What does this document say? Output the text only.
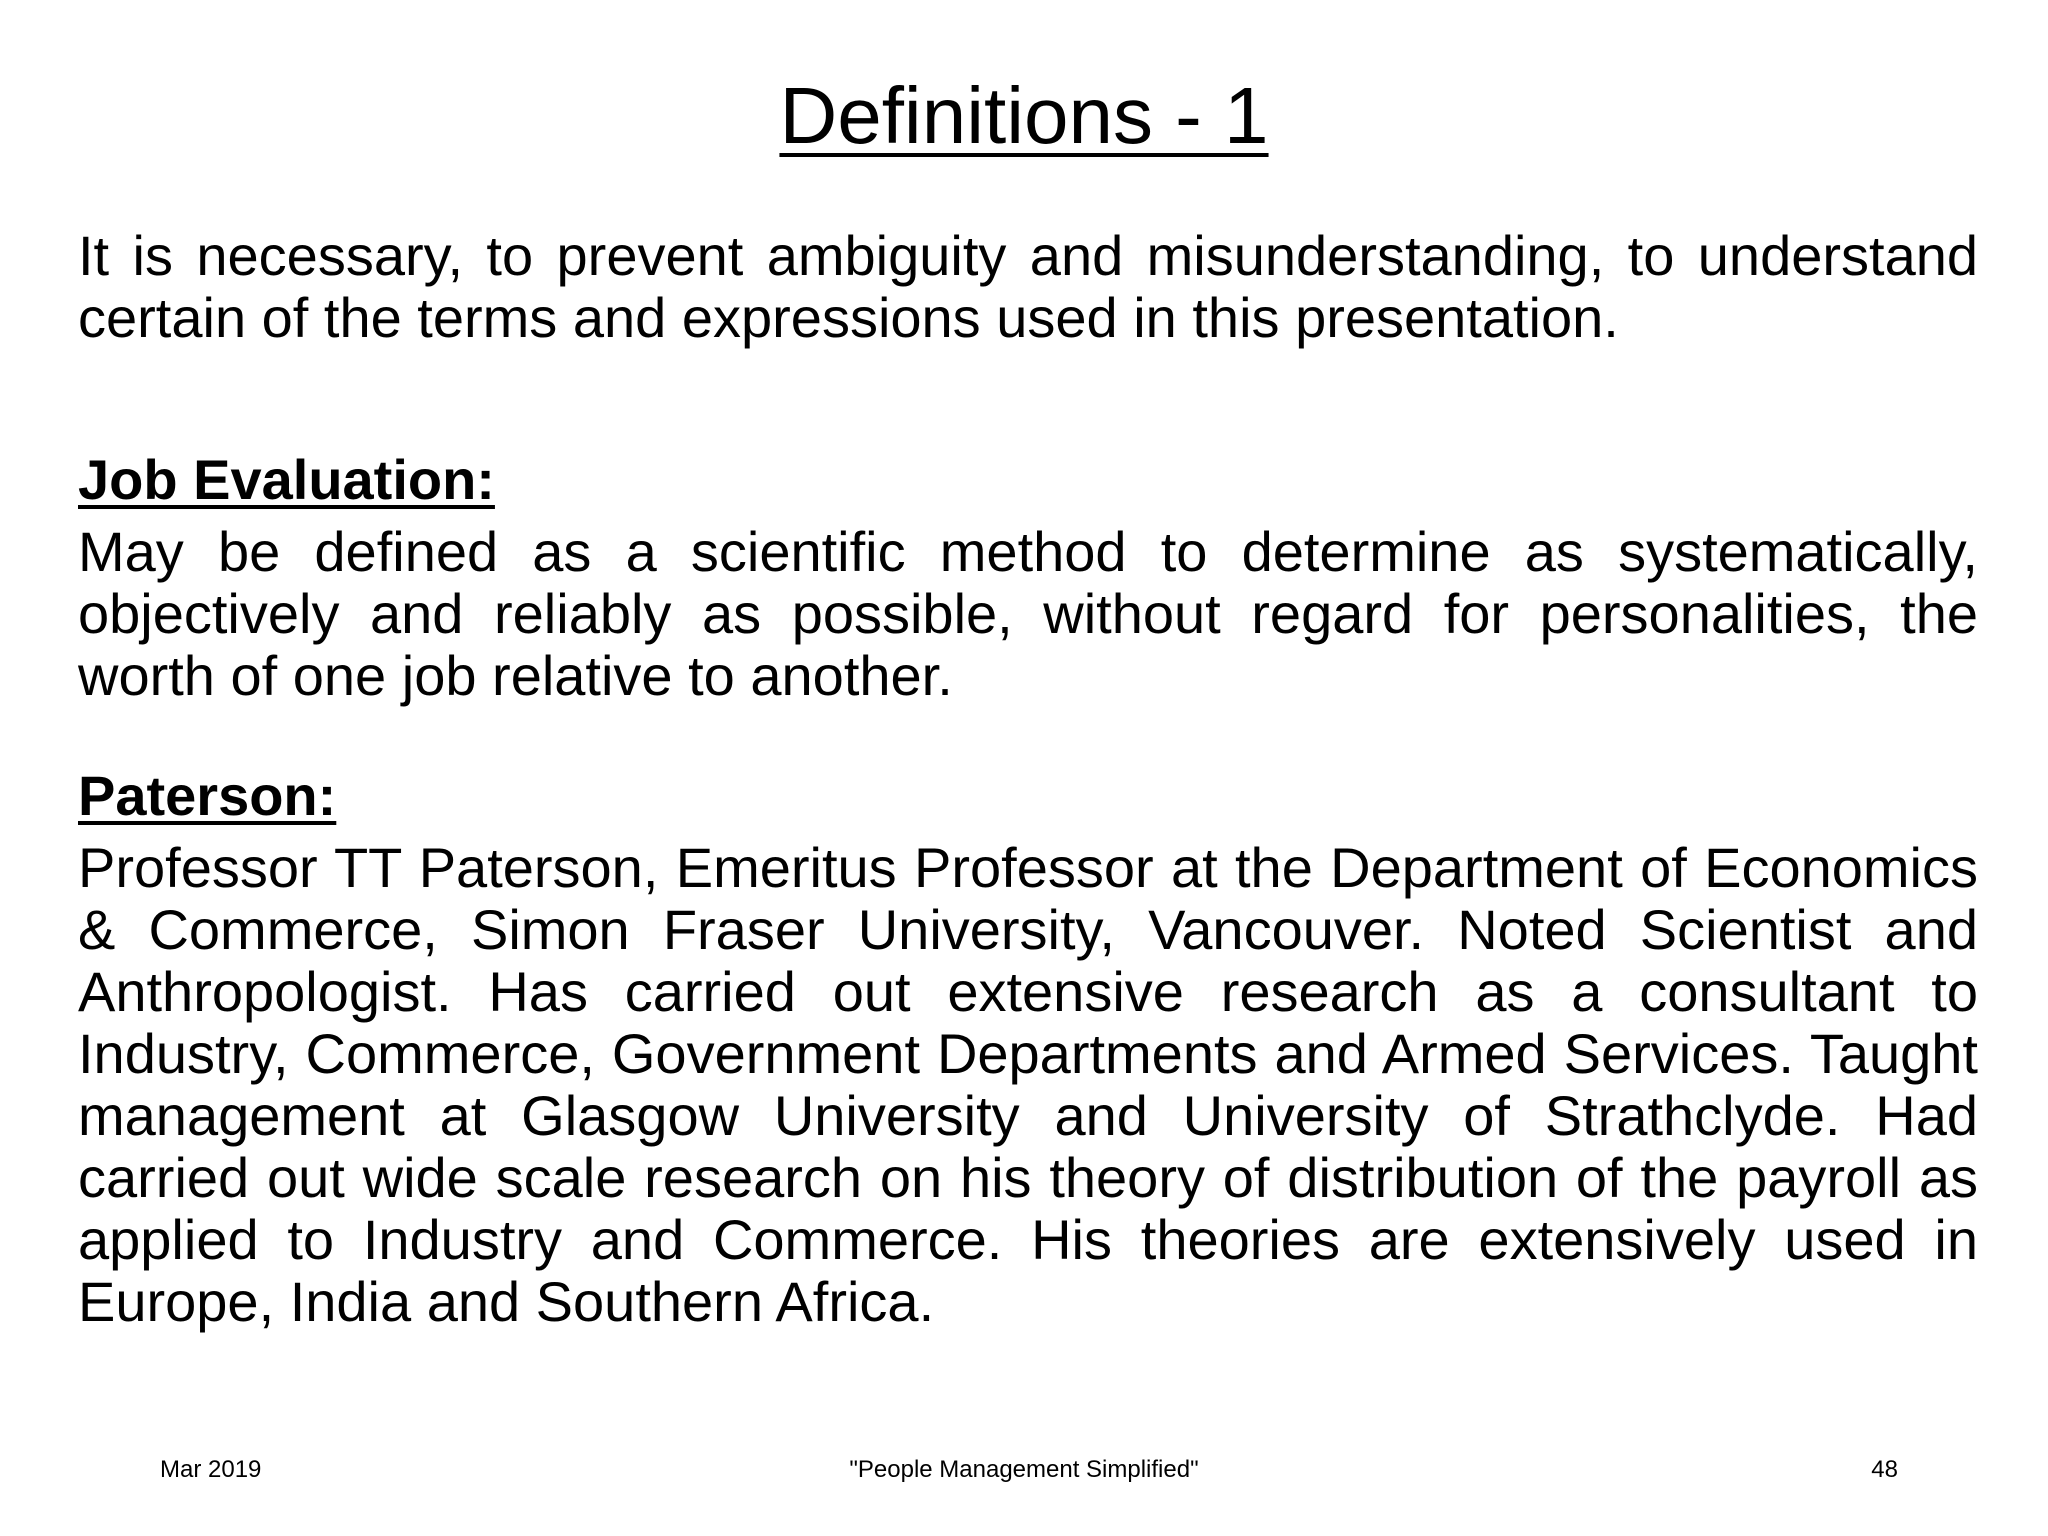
Definitions - 1

It is necessary, to prevent ambiguity and misunderstanding, to understand certain of the terms and expressions used in this presentation.

Job Evaluation:

May be defined as a scientific method to determine as systematically, objectively and reliably as possible, without regard for personalities, the worth of one job relative to another.

Paterson:

Professor TT Paterson, Emeritus Professor at the Department of Economics & Commerce, Simon Fraser University, Vancouver. Noted Scientist and Anthropologist. Has carried out extensive research as a consultant to Industry, Commerce, Government Departments and Armed Services. Taught management at Glasgow University and University of Strathclyde. Had carried out wide scale research on his theory of distribution of the payroll as applied to Industry and Commerce. His theories are extensively used in Europe, India and Southern Africa.

Mar 2019	"People Management Simplified"	48
